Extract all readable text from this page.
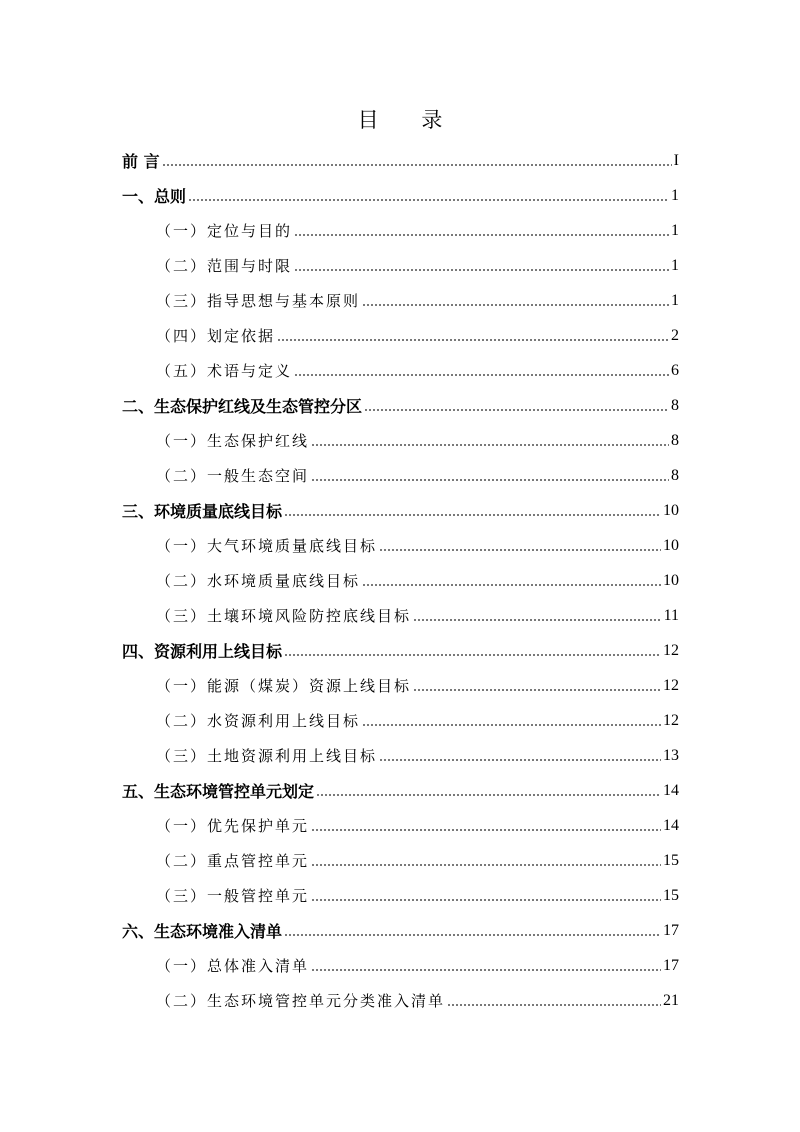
目 录
前 言	I
一、总则	1
（一）定位与目的	1
（二）范围与时限	1
（三）指导思想与基本原则	1
（四）划定依据	2
（五）术语与定义	6
二、生态保护红线及生态管控分区	8
（一）生态保护红线	8
（二）一般生态空间	8
三、环境质量底线目标	10
（一）大气环境质量底线目标	10
（二）水环境质量底线目标	10
（三）土壤环境风险防控底线目标	11
四、资源利用上线目标	12
（一）能源（煤炭）资源上线目标	12
（二）水资源利用上线目标	12
（三）土地资源利用上线目标	13
五、生态环境管控单元划定	14
（一）优先保护单元	14
（二）重点管控单元	15
（三）一般管控单元	15
六、生态环境准入清单	17
（一）总体准入清单	17
（二）生态环境管控单元分类准入清单	21
